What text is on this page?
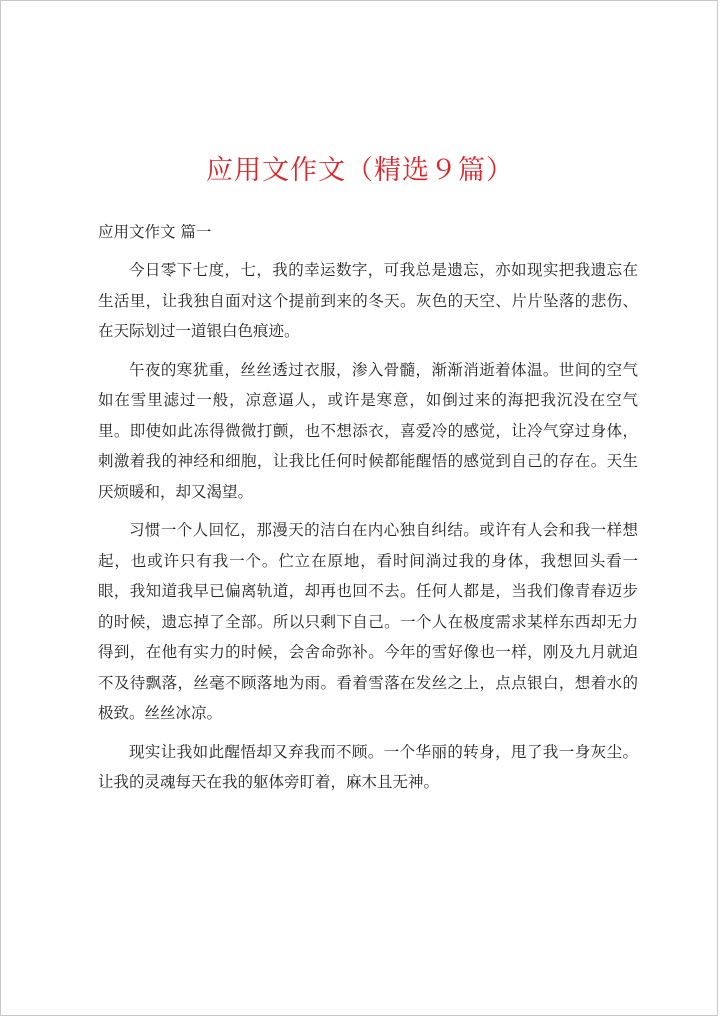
应用文作文（精选９篇）
应用文作文 篇一

今日零下七度，七，我的幸运数字，可我总是遗忘，亦如现实把我遗忘在生活里，让我独自面对这个提前到来的冬天。灰色的天空、片片坠落的悲伤、在天际划过一道银白色痕迹。

午夜的寒犹重，丝丝透过衣服，渗入骨髓，渐渐消逝着体温。世间的空气如在雪里滤过一般，凉意逼人，或许是寒意，如倒过来的海把我沉没在空气里。即使如此冻得微微打颤，也不想添衣，喜爱冷的感觉，让冷气穿过身体，刺激着我的神经和细胞，让我比任何时候都能醒悟的感觉到自己的存在。天生厌烦暖和，却又渴望。

习惯一个人回忆，那漫天的洁白在内心独自纠结。或许有人会和我一样想起，也或许只有我一个。伫立在原地，看时间淌过我的身体，我想回头看一眼，我知道我早已偏离轨道，却再也回不去。任何人都是，当我们像青春迈步的时候，遗忘掉了全部。所以只剩下自己。一个人在极度需求某样东西却无力得到，在他有实力的时候，会舍命弥补。今年的雪好像也一样，刚及九月就迫不及待飘落，丝毫不顾落地为雨。看着雪落在发丝之上，点点银白，想着水的极致。丝丝冰凉。

现实让我如此醒悟却又弃我而不顾。一个华丽的转身，甩了我一身灰尘。让我的灵魂每天在我的躯体旁盯着，麻木且无神。
